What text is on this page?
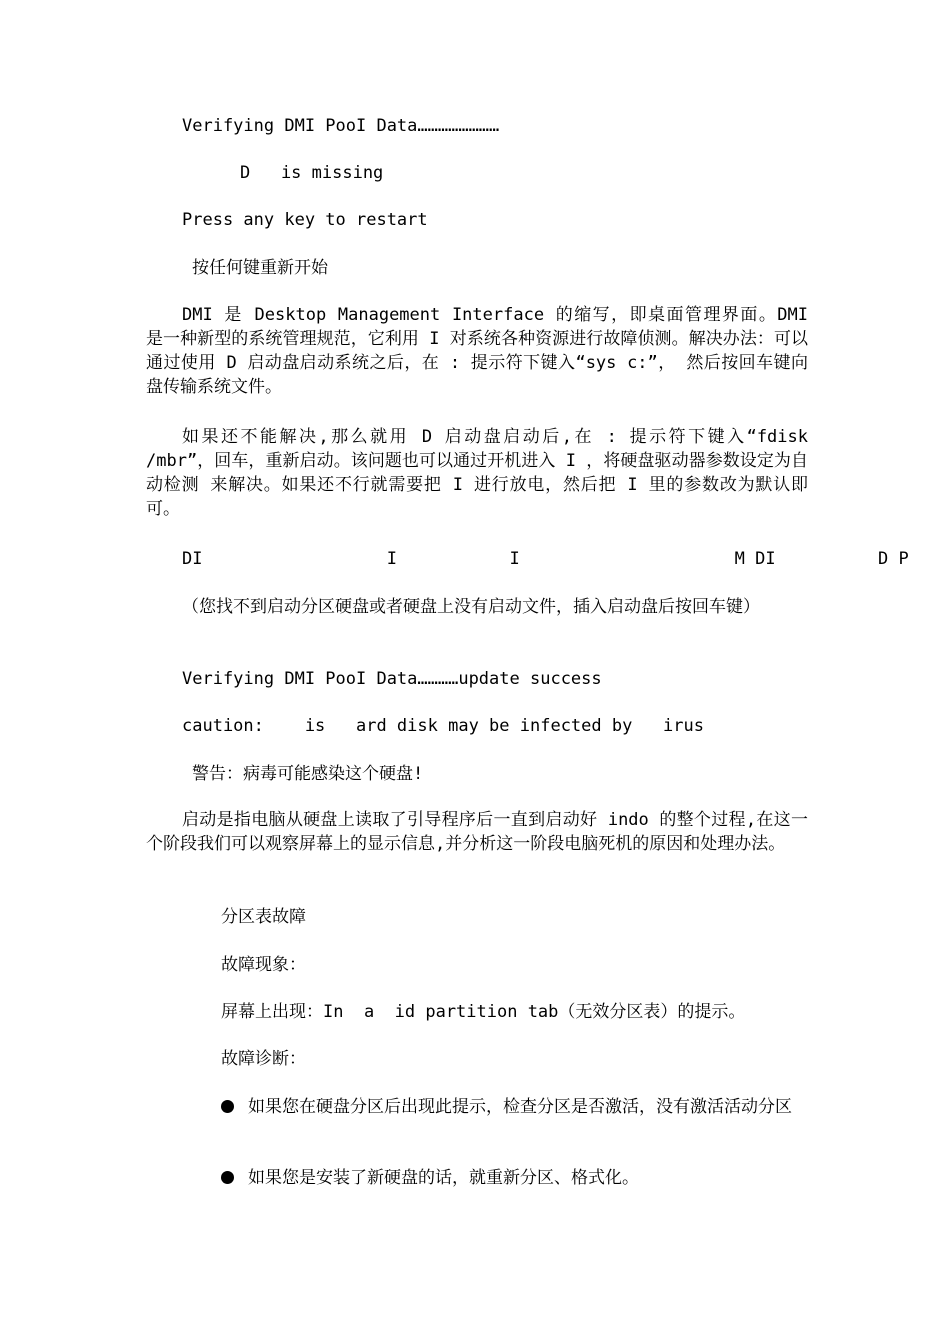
Verifying DMI PooI Data……………………
D   is missing
Press any key to restart
按任何键重新开始

DMI 是 Desktop Management Interface 的缩写，即桌面管理界面。DMI 是一种新型的系统管理规范，它利用 I 对系统各种资源进行故障侦测。解决办法：可以通过使用 D 启动盘启动系统之后，在 : 提示符下键入“sys c:”， 然后按回车键向 盘传输系统文件。

如果还不能解决,那么就用 D 启动盘启动后,在 : 提示符下键入“fdisk /mbr”，回车，重新启动。该问题也可以通过开机进入 I ，将硬盘驱动器参数设定为自动检测 来解决。如果还不行就需要把 I 进行放电，然后把 I 里的参数改为默认即可。

DI                  I           I                     M DI          D P

（您找不到启动分区硬盘或者硬盘上没有启动文件，插入启动盘后按回车键）

Verifying DMI PooI Data…………update success
caution:    is   ard disk may be infected by   irus
警告：病毒可能感染这个硬盘!

启动是指电脑从硬盘上读取了引导程序后一直到启动好 indo 的整个过程,在这一个阶段我们可以观察屏幕上的显示信息,并分析这一阶段电脑死机的原因和处理办法。

分区表故障
故障现象：
屏幕上出现：In  a  id partition tab（无效分区表）的提示。
故障诊断：

如果您在硬盘分区后出现此提示，检查分区是否激活，没有激活活动分区

如果您是安装了新硬盘的话，就重新分区、格式化。
